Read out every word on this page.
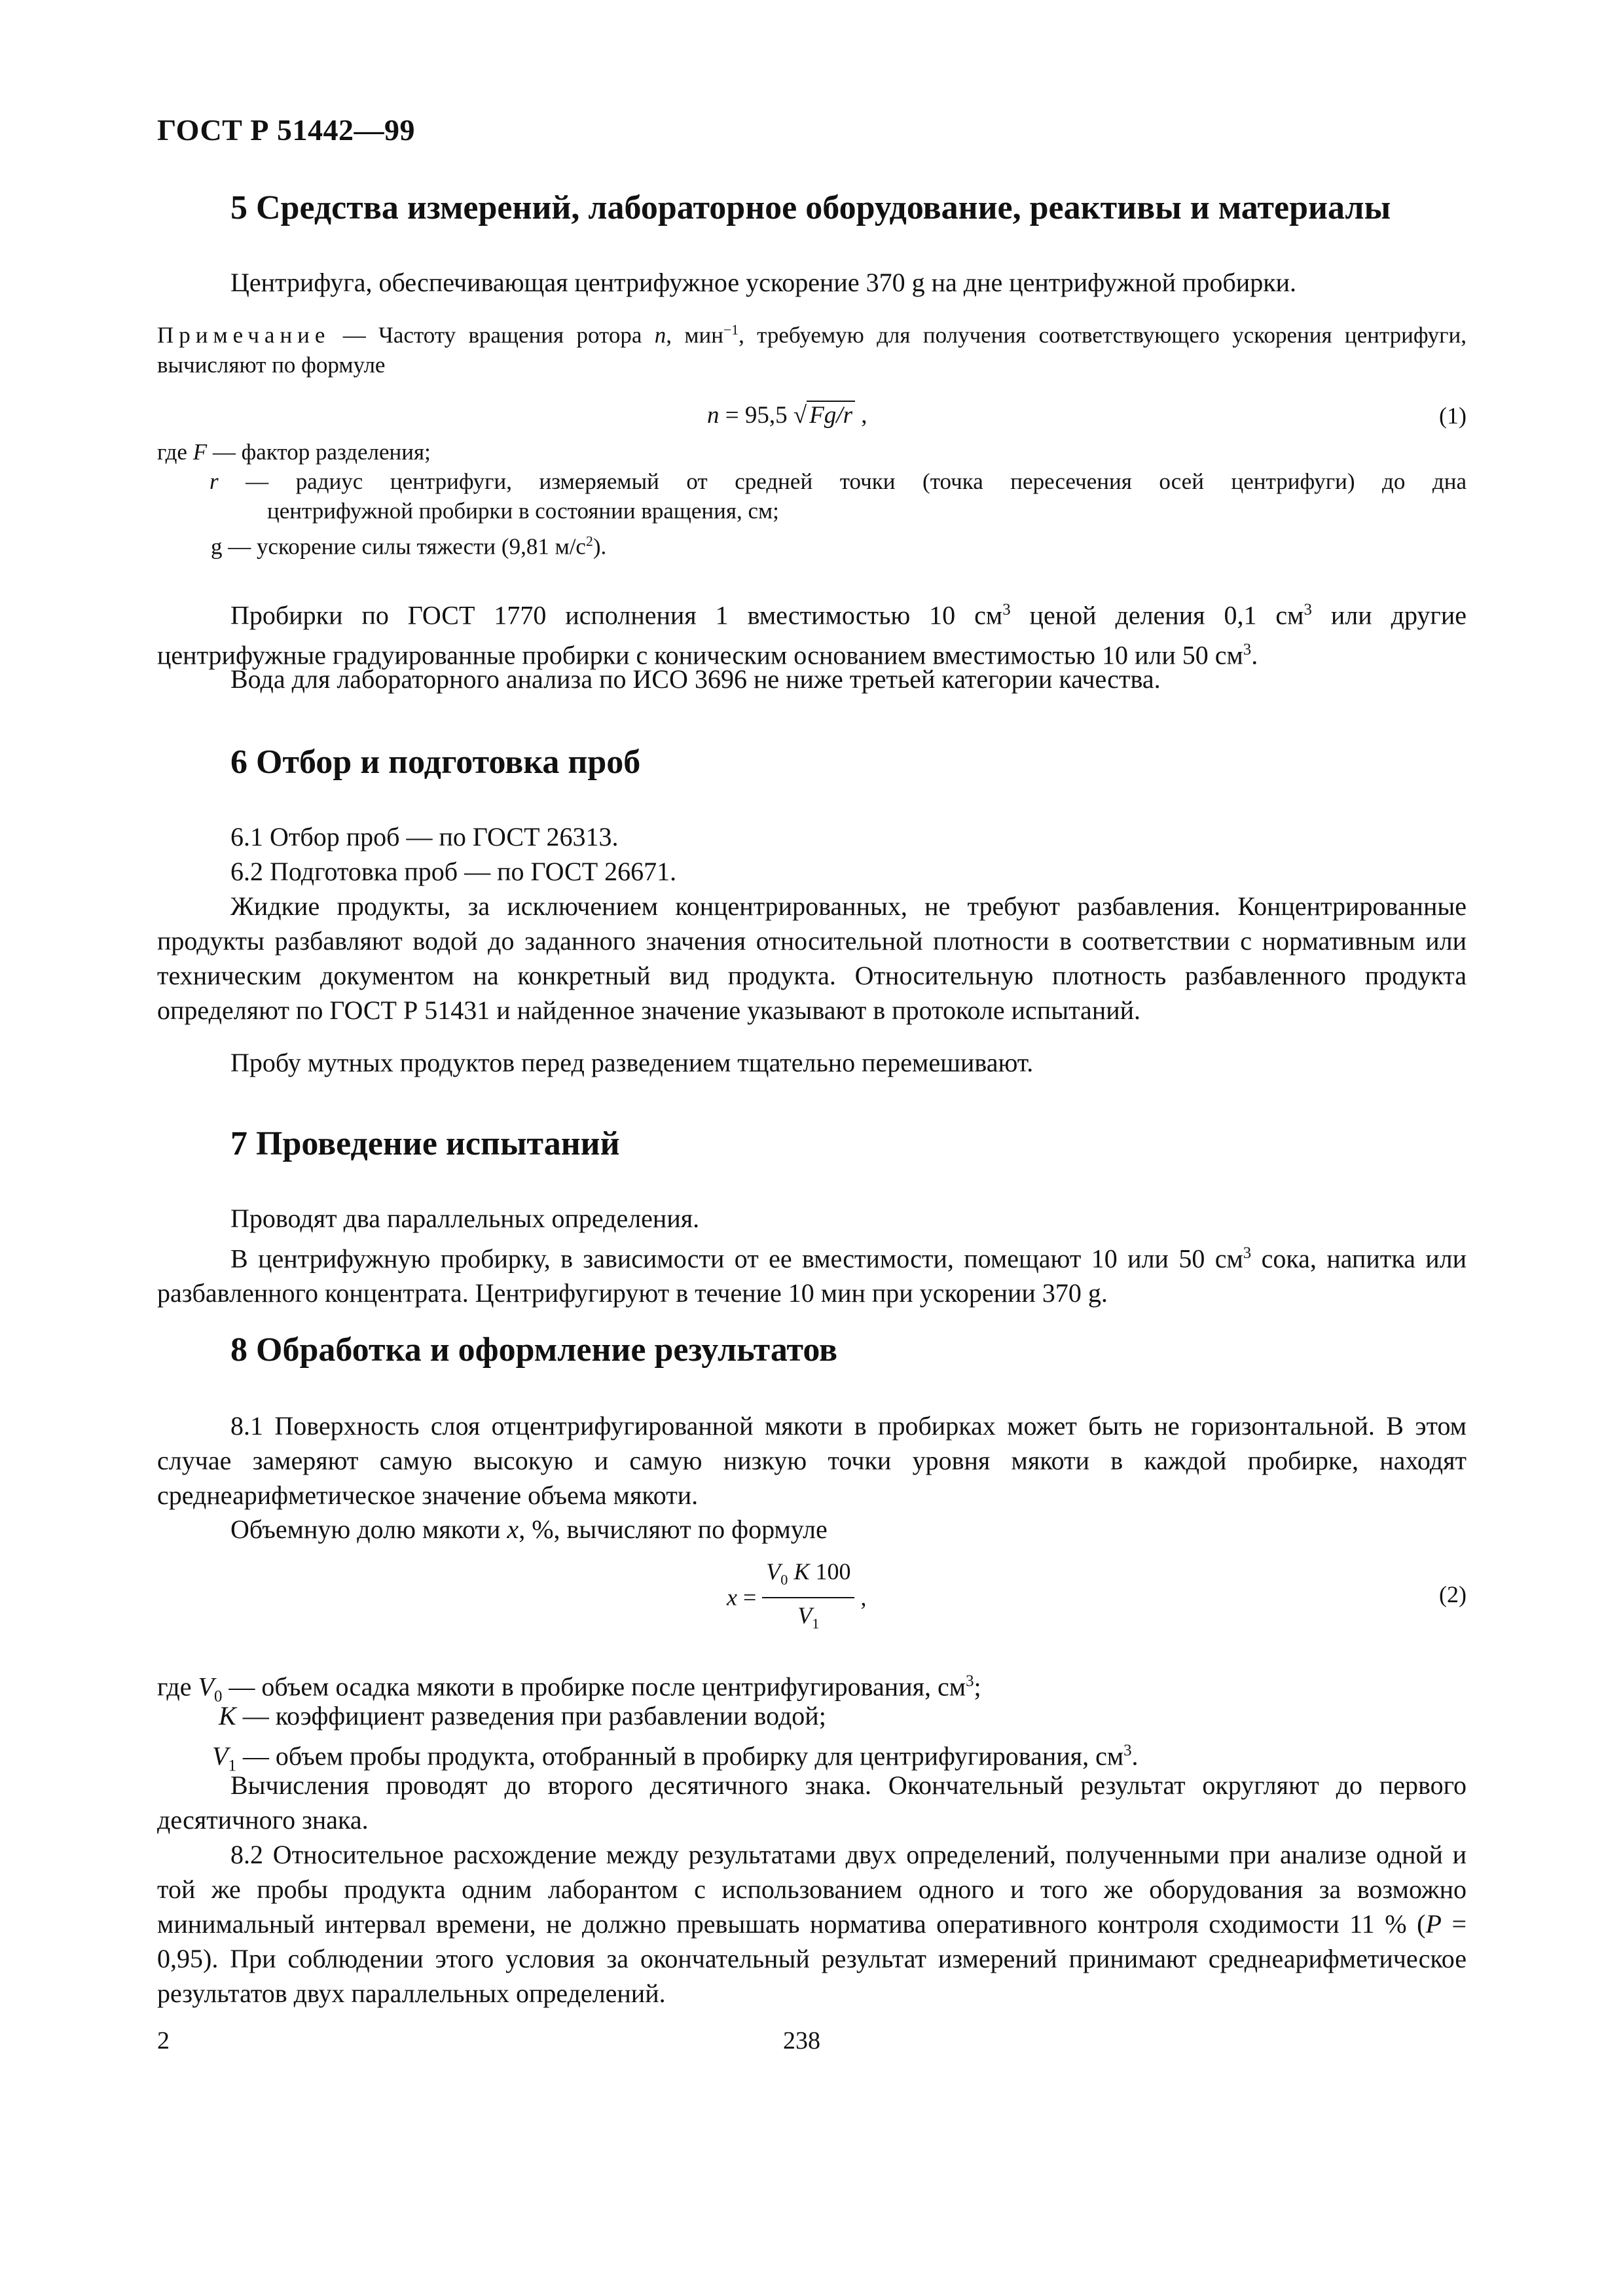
ГОСТ Р 51442—99
5 Средства измерений, лабораторное оборудование, реактивы и материалы
Центрифуга, обеспечивающая центрифужное ускорение 370 g на дне центрифужной пробирки.
Примечание — Частоту вращения ротора n, мин$^{-1}$, требуемую для получения соответствующего ускорения центрифуги, вычисляют по формуле
n = 95,5 √ Fg/r ,	(1)
где F — фактор разделения;
r — радиус центрифуги, измеряемый от средней точки (точка пересечения осей центрифуги) до дна
центрифужной пробирки в состоянии вращения, см;
g — ускорение силы тяжести (9,81 $м/с^2$).
Пробирки по ГОСТ 1770 исполнения 1 вместимостью 10 $см^3$ ценой деления 0,1 $см^3$ или другие центрифужные градуированные пробирки с коническим основанием вместимостью 10 или 50 $см^3$.
Вода для лабораторного анализа по ИСО 3696 не ниже третьей категории качества.
6 Отбор и подготовка проб
6.1 Отбор проб — по ГОСТ 26313.
6.2 Подготовка проб — по ГОСТ 26671.
Жидкие продукты, за исключением концентрированных, не требуют разбавления. Концентрированные продукты разбавляют водой до заданного значения относительной плотности в соответствии с нормативным или техническим документом на конкретный вид продукта. Относительную плотность разбавленного продукта определяют по ГОСТ Р 51431 и найденное значение указывают в протоколе испытаний.
Пробу мутных продуктов перед разведением тщательно перемешивают.
7 Проведение испытаний
Проводят два параллельных определения.
В центрифужную пробирку, в зависимости от ее вместимости, помещают 10 или 50 $см^3$ сока, напитка или разбавленного концентрата. Центрифугируют в течение 10 мин при ускорении 370 g.
8 Обработка и оформление результатов
8.1 Поверхность слоя отцентрифугированной мякоти в пробирках может быть не горизонтальной. В этом случае замеряют самую высокую и самую низкую точки уровня мякоти в каждой пробирке, находят среднеарифметическое значение объема мякоти.
Объемную долю мякоти x, %, вычисляют по формуле
$x = \frac{V_0 K 100}{V_1}$ ,	(2)
где $V_0$ — объем осадка мякоти в пробирке после центрифугирования, $см^3$;
K — коэффициент разведения при разбавлении водой;
$V_1$ — объем пробы продукта, отобранный в пробирку для центрифугирования, $см^3$.
Вычисления проводят до второго десятичного знака. Окончательный результат округляют до первого десятичного знака.
8.2 Относительное расхождение между результатами двух определений, полученными при анализе одной и той же пробы продукта одним лаборантом с использованием одного и того же оборудования за возможно минимальный интервал времени, не должно превышать норматива оперативного контроля сходимости 11 % (P = 0,95). При соблюдении этого условия за окончательный результат измерений принимают среднеарифметическое результатов двух параллельных определений.
2	238
